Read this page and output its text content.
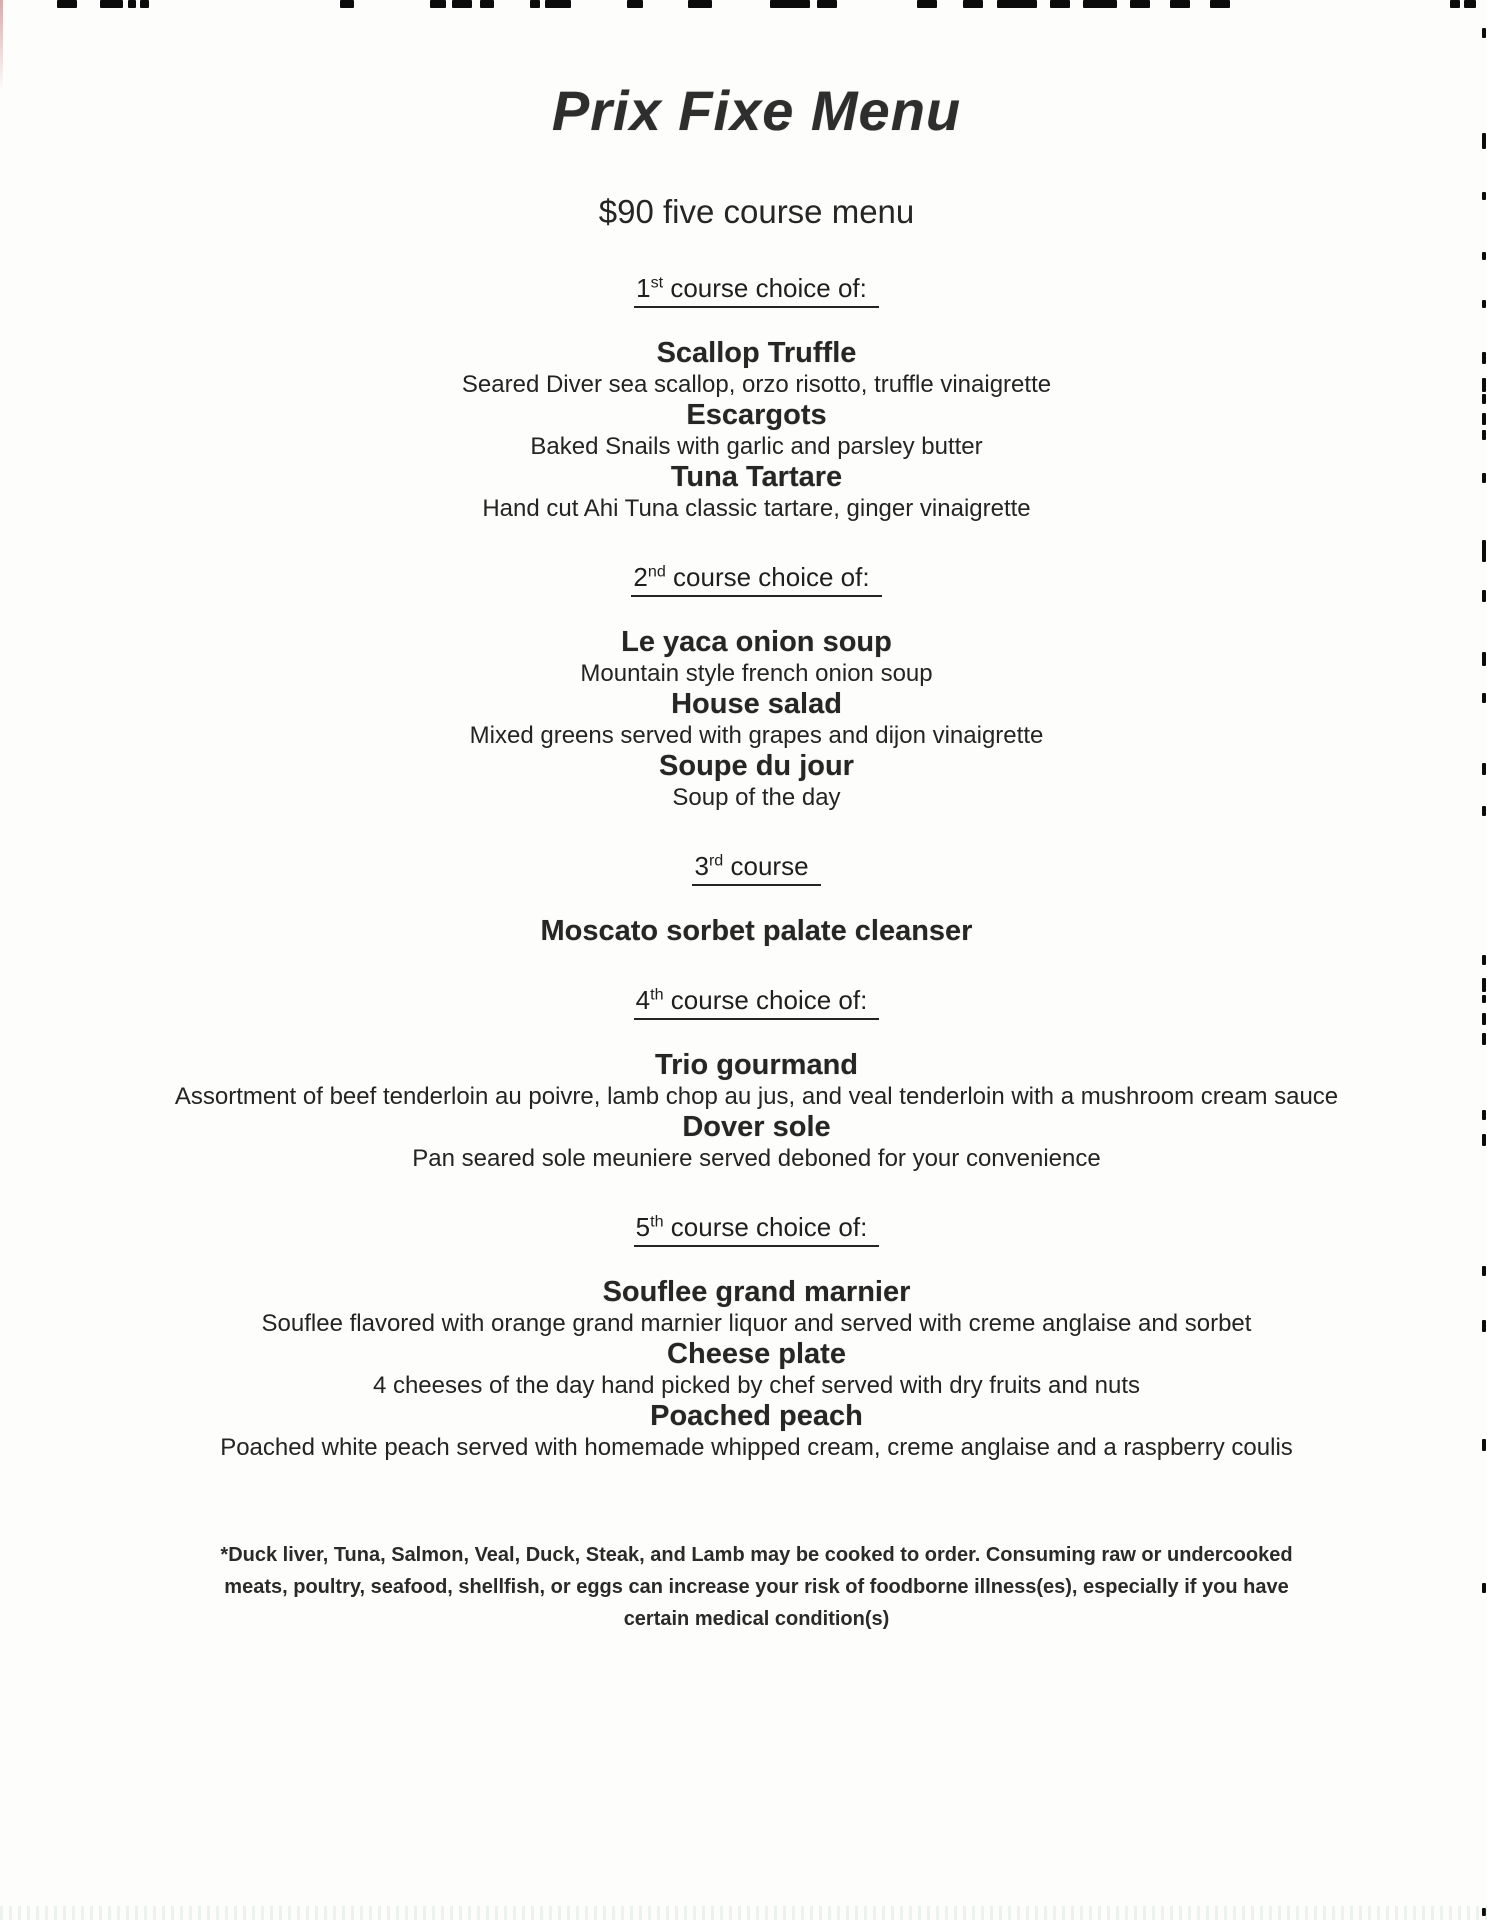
Prix Fixe Menu
$90 five course menu
1st course choice of:
Scallop Truffle
Seared Diver sea scallop, orzo risotto, truffle vinaigrette
Escargots
Baked Snails with garlic and parsley butter
Tuna Tartare
Hand cut Ahi Tuna classic tartare, ginger vinaigrette
2nd course choice of:
Le yaca onion soup
Mountain style french onion soup
House salad
Mixed greens served with grapes and dijon vinaigrette
Soupe du jour
Soup of the day
3rd course
Moscato sorbet palate cleanser
4th course choice of:
Trio gourmand
Assortment of beef tenderloin au poivre, lamb chop au jus, and veal tenderloin with a mushroom cream sauce
Dover sole
Pan seared sole meuniere served deboned for your convenience
5th course choice of:
Souflee grand marnier
Souflee flavored with orange grand marnier liquor and served with creme anglaise and sorbet
Cheese plate
4 cheeses of the day hand picked by chef served with dry fruits and nuts
Poached peach
Poached white peach served with homemade whipped cream, creme anglaise and a raspberry coulis
*Duck liver, Tuna, Salmon, Veal, Duck, Steak, and Lamb may be cooked to order. Consuming raw or undercooked meats, poultry, seafood, shellfish, or eggs can increase your risk of foodborne illness(es), especially if you have certain medical condition(s)
